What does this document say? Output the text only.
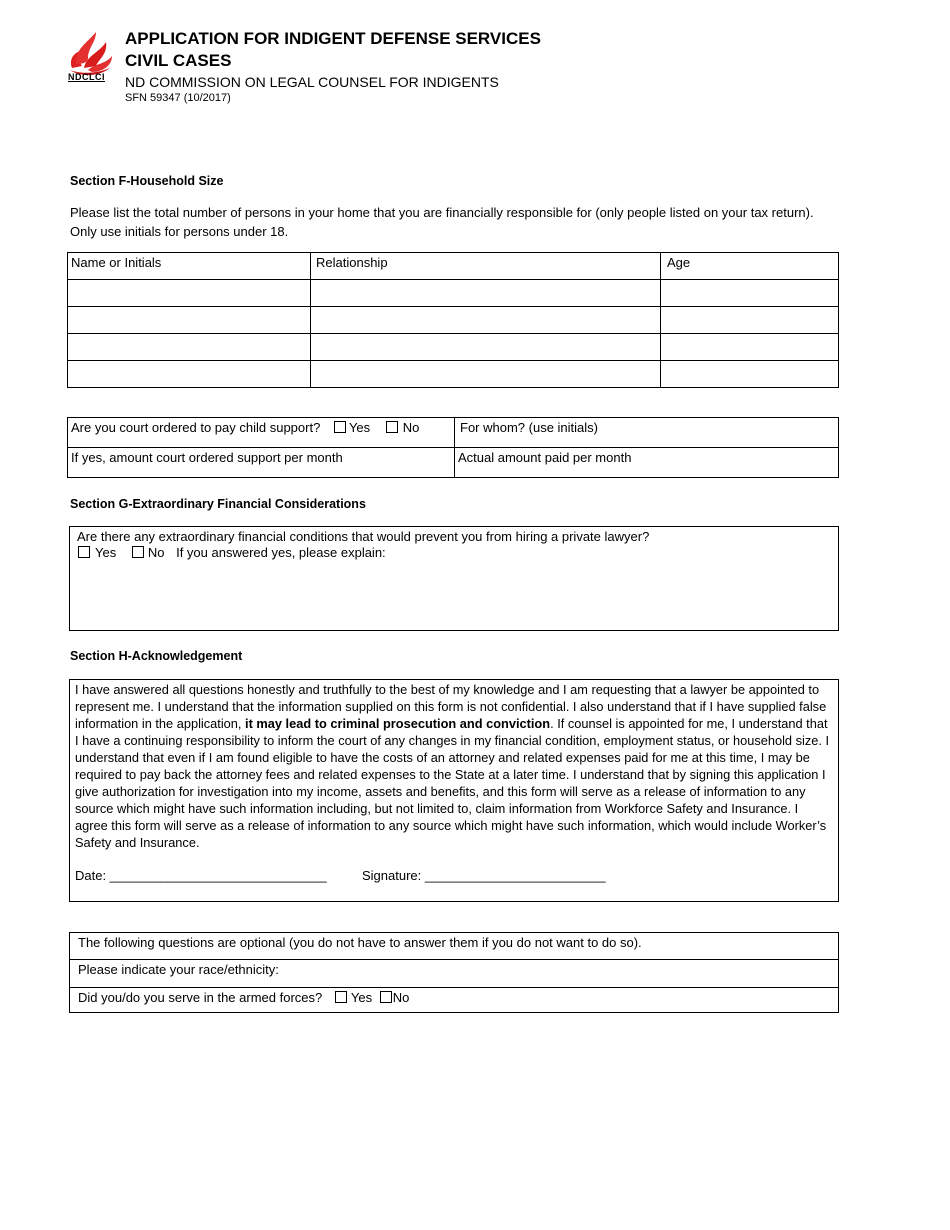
NDCLCI
APPLICATION FOR INDIGENT DEFENSE SERVICES
CIVIL CASES
ND COMMISSION ON LEGAL COUNSEL FOR INDIGENTS
SFN 59347 (10/2017)
Section F-Household Size
Please list the total number of persons in your home that you are financially responsible for (only people listed on your tax return).
Only use initials for persons under 18.
Name or Initials	Relationship	Age

Are you court ordered to pay child support? Yes No	For whom? (use initials)
If yes, amount court ordered support per month	Actual amount paid per month
Section G-Extraordinary Financial Considerations
Are there any extraordinary financial conditions that would prevent you from hiring a private lawyer?
Yes No If you answered yes, please explain:
Section H-Acknowledgement
I have answered all questions honestly and truthfully to the best of my knowledge and I am requesting that a lawyer be appointed to represent me. I understand that the information supplied on this form is not confidential. I also understand that if I have supplied false information in the application, it may lead to criminal prosecution and conviction. If counsel is appointed for me, I understand that I have a continuing responsibility to inform the court of any changes in my financial condition, employment status, or household size. I understand that even if I am found eligible to have the costs of an attorney and related expenses paid for me at this time, I may be required to pay back the attorney fees and related expenses to the State at a later time. I understand that by signing this application I give authorization for investigation into my income, assets and benefits, and this form will serve as a release of information to any source which might have such information including, but not limited to, claim information from Workforce Safety and Insurance. I agree this form will serve as a release of information to any source which might have such information, which would include Worker’s Safety and Insurance.
Date: ______________________________	Signature: _________________________
The following questions are optional (you do not have to answer them if you do not want to do so).
Please indicate your race/ethnicity:
Did you/do you serve in the armed forces? Yes No
